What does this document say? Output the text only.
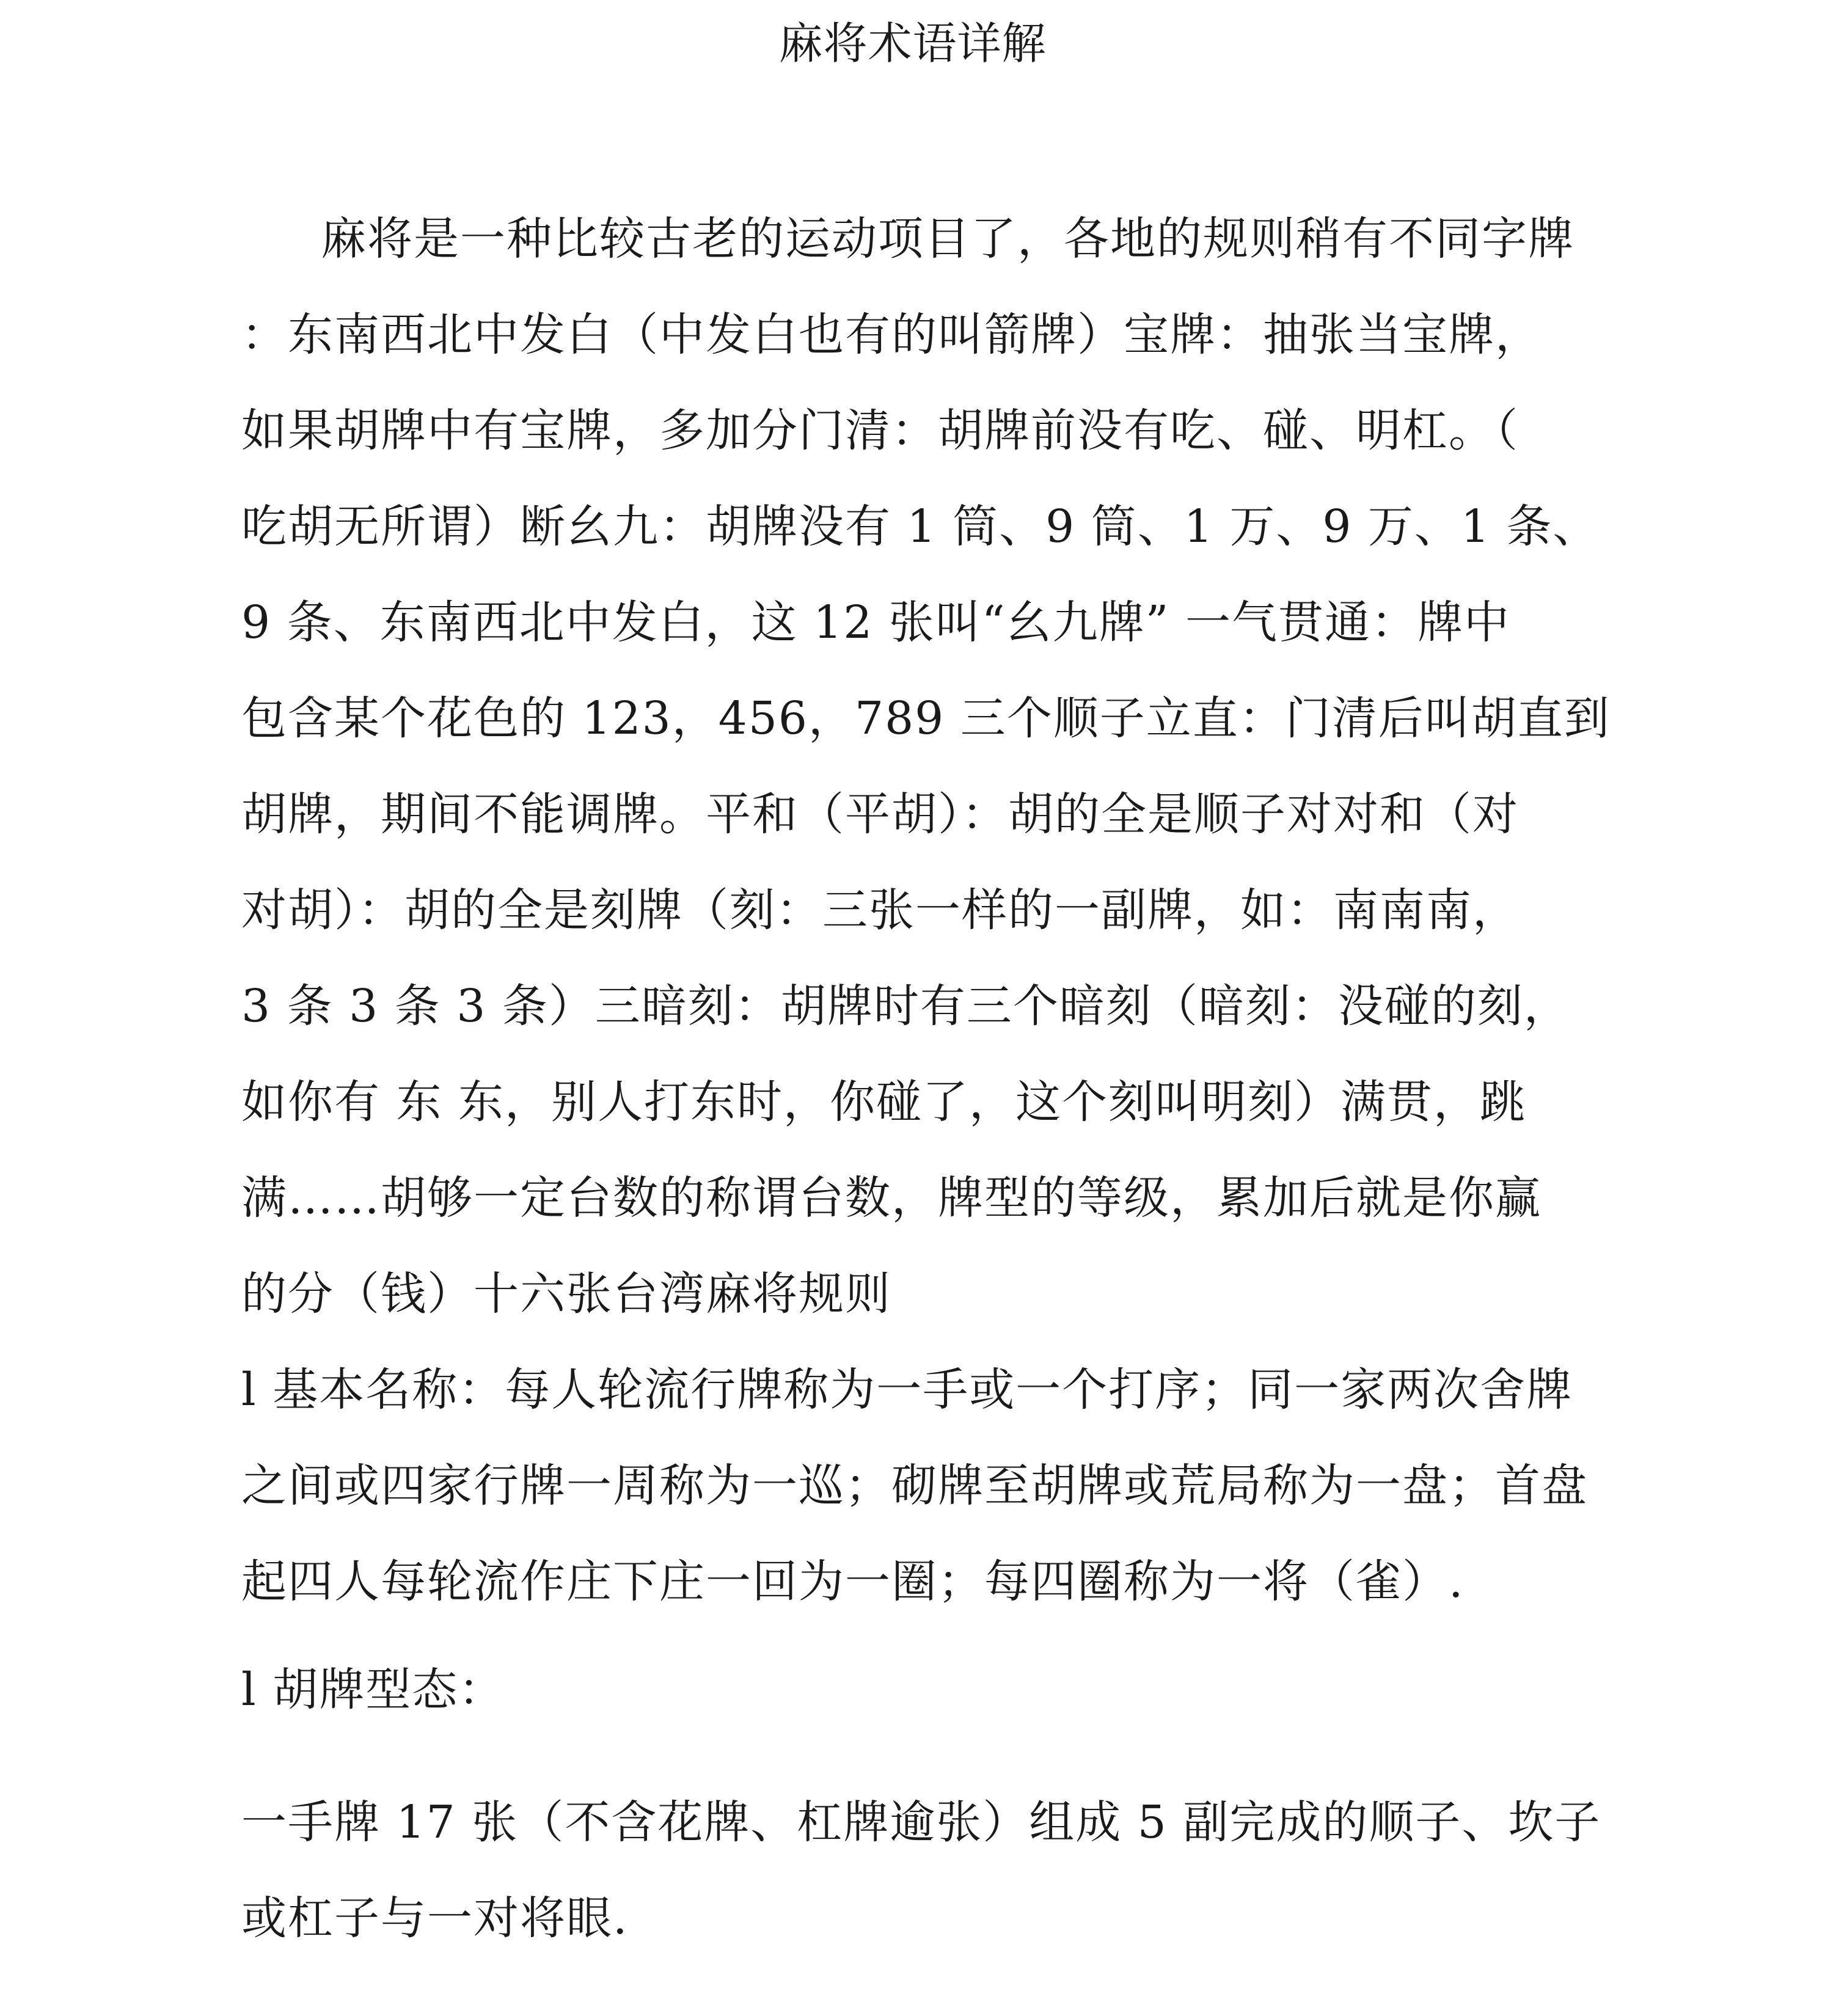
麻将术语详解
麻将是一种比较古老的运动项目了，各地的规则稍有不同字牌
：东南西北中发白（中发白也有的叫箭牌）宝牌：抽张当宝牌，
如果胡牌中有宝牌，多加分门清：胡牌前没有吃、碰、明杠。（
吃胡无所谓）断幺九：胡牌没有 1 筒、9 筒、1 万、9 万、1 条、
9 条、东南西北中发白，这 12 张叫“幺九牌” 一气贯通：牌中
包含某个花色的 123，456，789 三个顺子立直：门清后叫胡直到
胡牌，期间不能调牌。平和（平胡）：胡的全是顺子对对和（对
对胡）：胡的全是刻牌（刻：三张一样的一副牌，如：南南南，
3 条 3 条 3 条）三暗刻：胡牌时有三个暗刻（暗刻：没碰的刻，
如你有 东 东，别人打东时，你碰了，这个刻叫明刻）满贯，跳
满……胡够一定台数的称谓台数，牌型的等级，累加后就是你赢
的分（钱）十六张台湾麻将规则
l 基本名称：每人轮流行牌称为一手或一个打序；同一家两次舍牌
之间或四家行牌一周称为一巡；砌牌至胡牌或荒局称为一盘；首盘
起四人每轮流作庄下庄一回为一圈；每四圈称为一将（雀）.
l 胡牌型态：
一手牌 17 张（不含花牌、杠牌逾张）组成 5 副完成的顺子、坎子
或杠子与一对将眼.
